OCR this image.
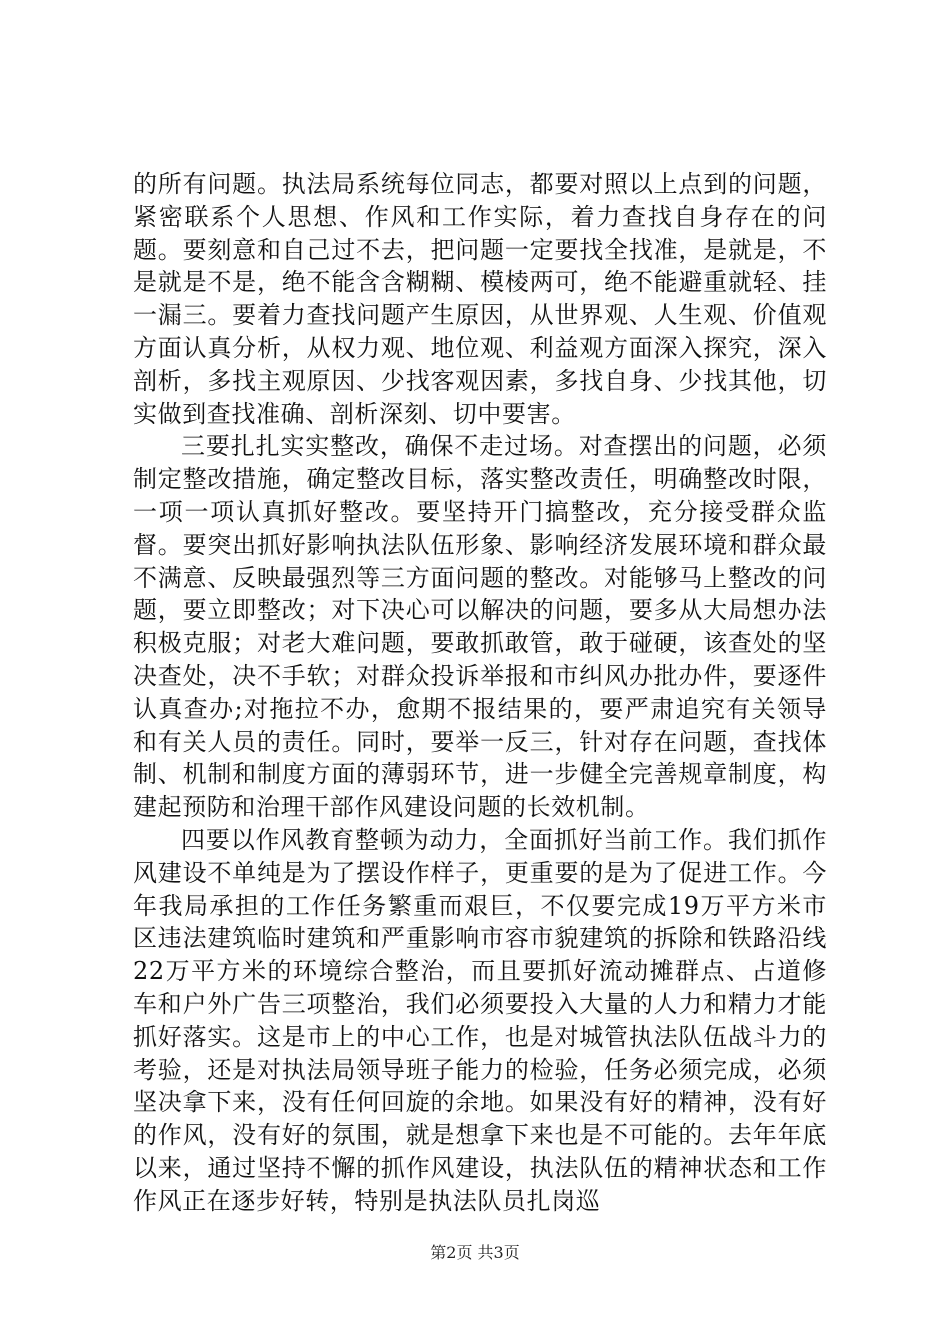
的所有问题。执法局系统每位同志，都要对照以上点到的问题，紧密联系个人思想、作风和工作实际，着力查找自身存在的问题。要刻意和自己过不去，把问题一定要找全找准，是就是，不是就是不是，绝不能含含糊糊、模棱两可，绝不能避重就轻、挂一漏三。要着力查找问题产生原因，从世界观、人生观、价值观方面认真分析，从权力观、地位观、利益观方面深入探究，深入剖析，多找主观原因、少找客观因素，多找自身、少找其他，切实做到查找准确、剖析深刻、切中要害。

三要扎扎实实整改，确保不走过场。对查摆出的问题，必须制定整改措施，确定整改目标，落实整改责任，明确整改时限，一项一项认真抓好整改。要坚持开门搞整改，充分接受群众监督。要突出抓好影响执法队伍形象、影响经济发展环境和群众最不满意、反映最强烈等三方面问题的整改。对能够马上整改的问题，要立即整改；对下决心可以解决的问题，要多从大局想办法积极克服；对老大难问题，要敢抓敢管，敢于碰硬，该查处的坚决查处，决不手软；对群众投诉举报和市纠风办批办件，要逐件认真查办;对拖拉不办，愈期不报结果的，要严肃追究有关领导和有关人员的责任。同时，要举一反三，针对存在问题，查找体制、机制和制度方面的薄弱环节，进一步健全完善规章制度，构建起预防和治理干部作风建设问题的长效机制。

四要以作风教育整顿为动力，全面抓好当前工作。我们抓作风建设不单纯是为了摆设作样子，更重要的是为了促进工作。今年我局承担的工作任务繁重而艰巨，不仅要完成19万平方米市区违法建筑临时建筑和严重影响市容市貌建筑的拆除和铁路沿线22万平方米的环境综合整治，而且要抓好流动摊群点、占道修车和户外广告三项整治，我们必须要投入大量的人力和精力才能抓好落实。这是市上的中心工作，也是对城管执法队伍战斗力的考验，还是对执法局领导班子能力的检验，任务必须完成，必须坚决拿下来，没有任何回旋的余地。如果没有好的精神，没有好的作风，没有好的氛围，就是想拿下来也是不可能的。去年年底以来，通过坚持不懈的抓作风建设，执法队伍的精神状态和工作作风正在逐步好转，特别是执法队员扎岗巡

第2页 共3页
